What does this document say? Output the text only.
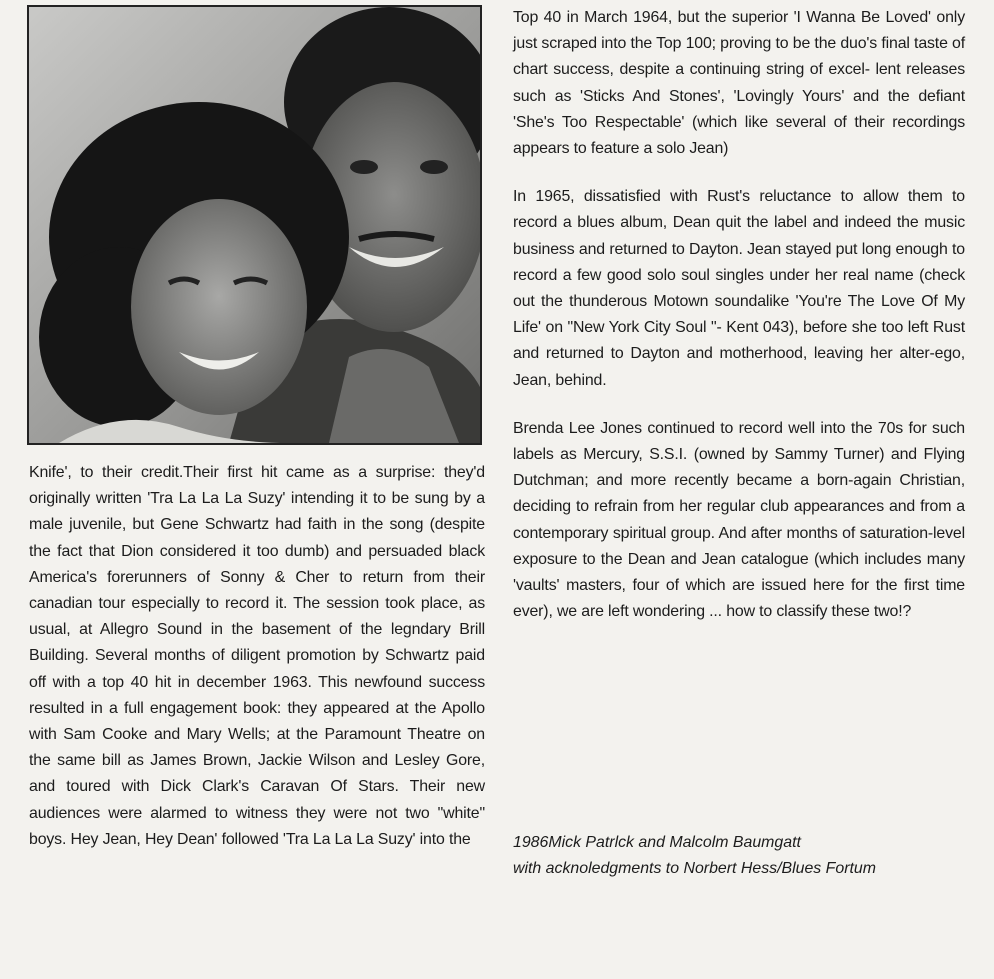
Knife', to their credit.Their first hit came as a surprise: they'd originally written 'Tra La La La Suzy' intending it to be sung by a male juvenile, but Gene Schwartz had faith in the song (despite the fact that Dion considered it too dumb) and persuaded black America's forerunners of Sonny & Cher to return from their canadian tour especially to record it. The session took place, as usual, at Allegro Sound in the basement of the legndary Brill Building. Several months of diligent promotion by Schwartz paid off with a top 40 hit in december 1963. This newfound success resulted in a full engagement book: they appeared at the Apollo with Sam Cooke and Mary Wells; at the Paramount Theatre on the same bill as James Brown, Jackie Wilson and Lesley Gore, and toured with Dick Clark's Caravan Of Stars. Their new audiences were alarmed to witness they were not two "white" boys. Hey Jean, Hey Dean' followed 'Tra La La La Suzy' into the

Top 40 in March 1964, but the superior 'I Wanna Be Loved' only just scraped into the Top 100; proving to be the duo's final taste of chart success, despite a continuing string of excel- lent releases such as 'Sticks And Stones', 'Lovingly Yours' and the defiant 'She's Too Respectable' (which like several of their recordings appears to feature a solo Jean)

In 1965, dissatisfied with Rust's reluctance to allow them to record a blues album, Dean quit the label and indeed the music business and returned to Dayton. Jean stayed put long enough to record a few good solo soul singles under her real name (check out the thunderous Motown soundalike 'You're The Love Of My Life' on "New York City Soul "- Kent 043), before she too left Rust and returned to Dayton and motherhood, leaving her alter-ego, Jean, behind.

Brenda Lee Jones continued to record well into the 70s for such labels as Mercury, S.S.I. (owned by Sammy Turner) and Flying Dutchman; and more recently became a born-again Christian, deciding to refrain from her regular club appearances and from a contemporary spiritual group. And after months of saturation-level exposure to the Dean and Jean catalogue (which includes many 'vaults' masters, four of which are issued here for the first time ever), we are left wondering ... how to classify these two!?

1986Mick Patrlck and Malcolm Baumgatt
with acknoledgments to Norbert Hess/Blues Fortum
